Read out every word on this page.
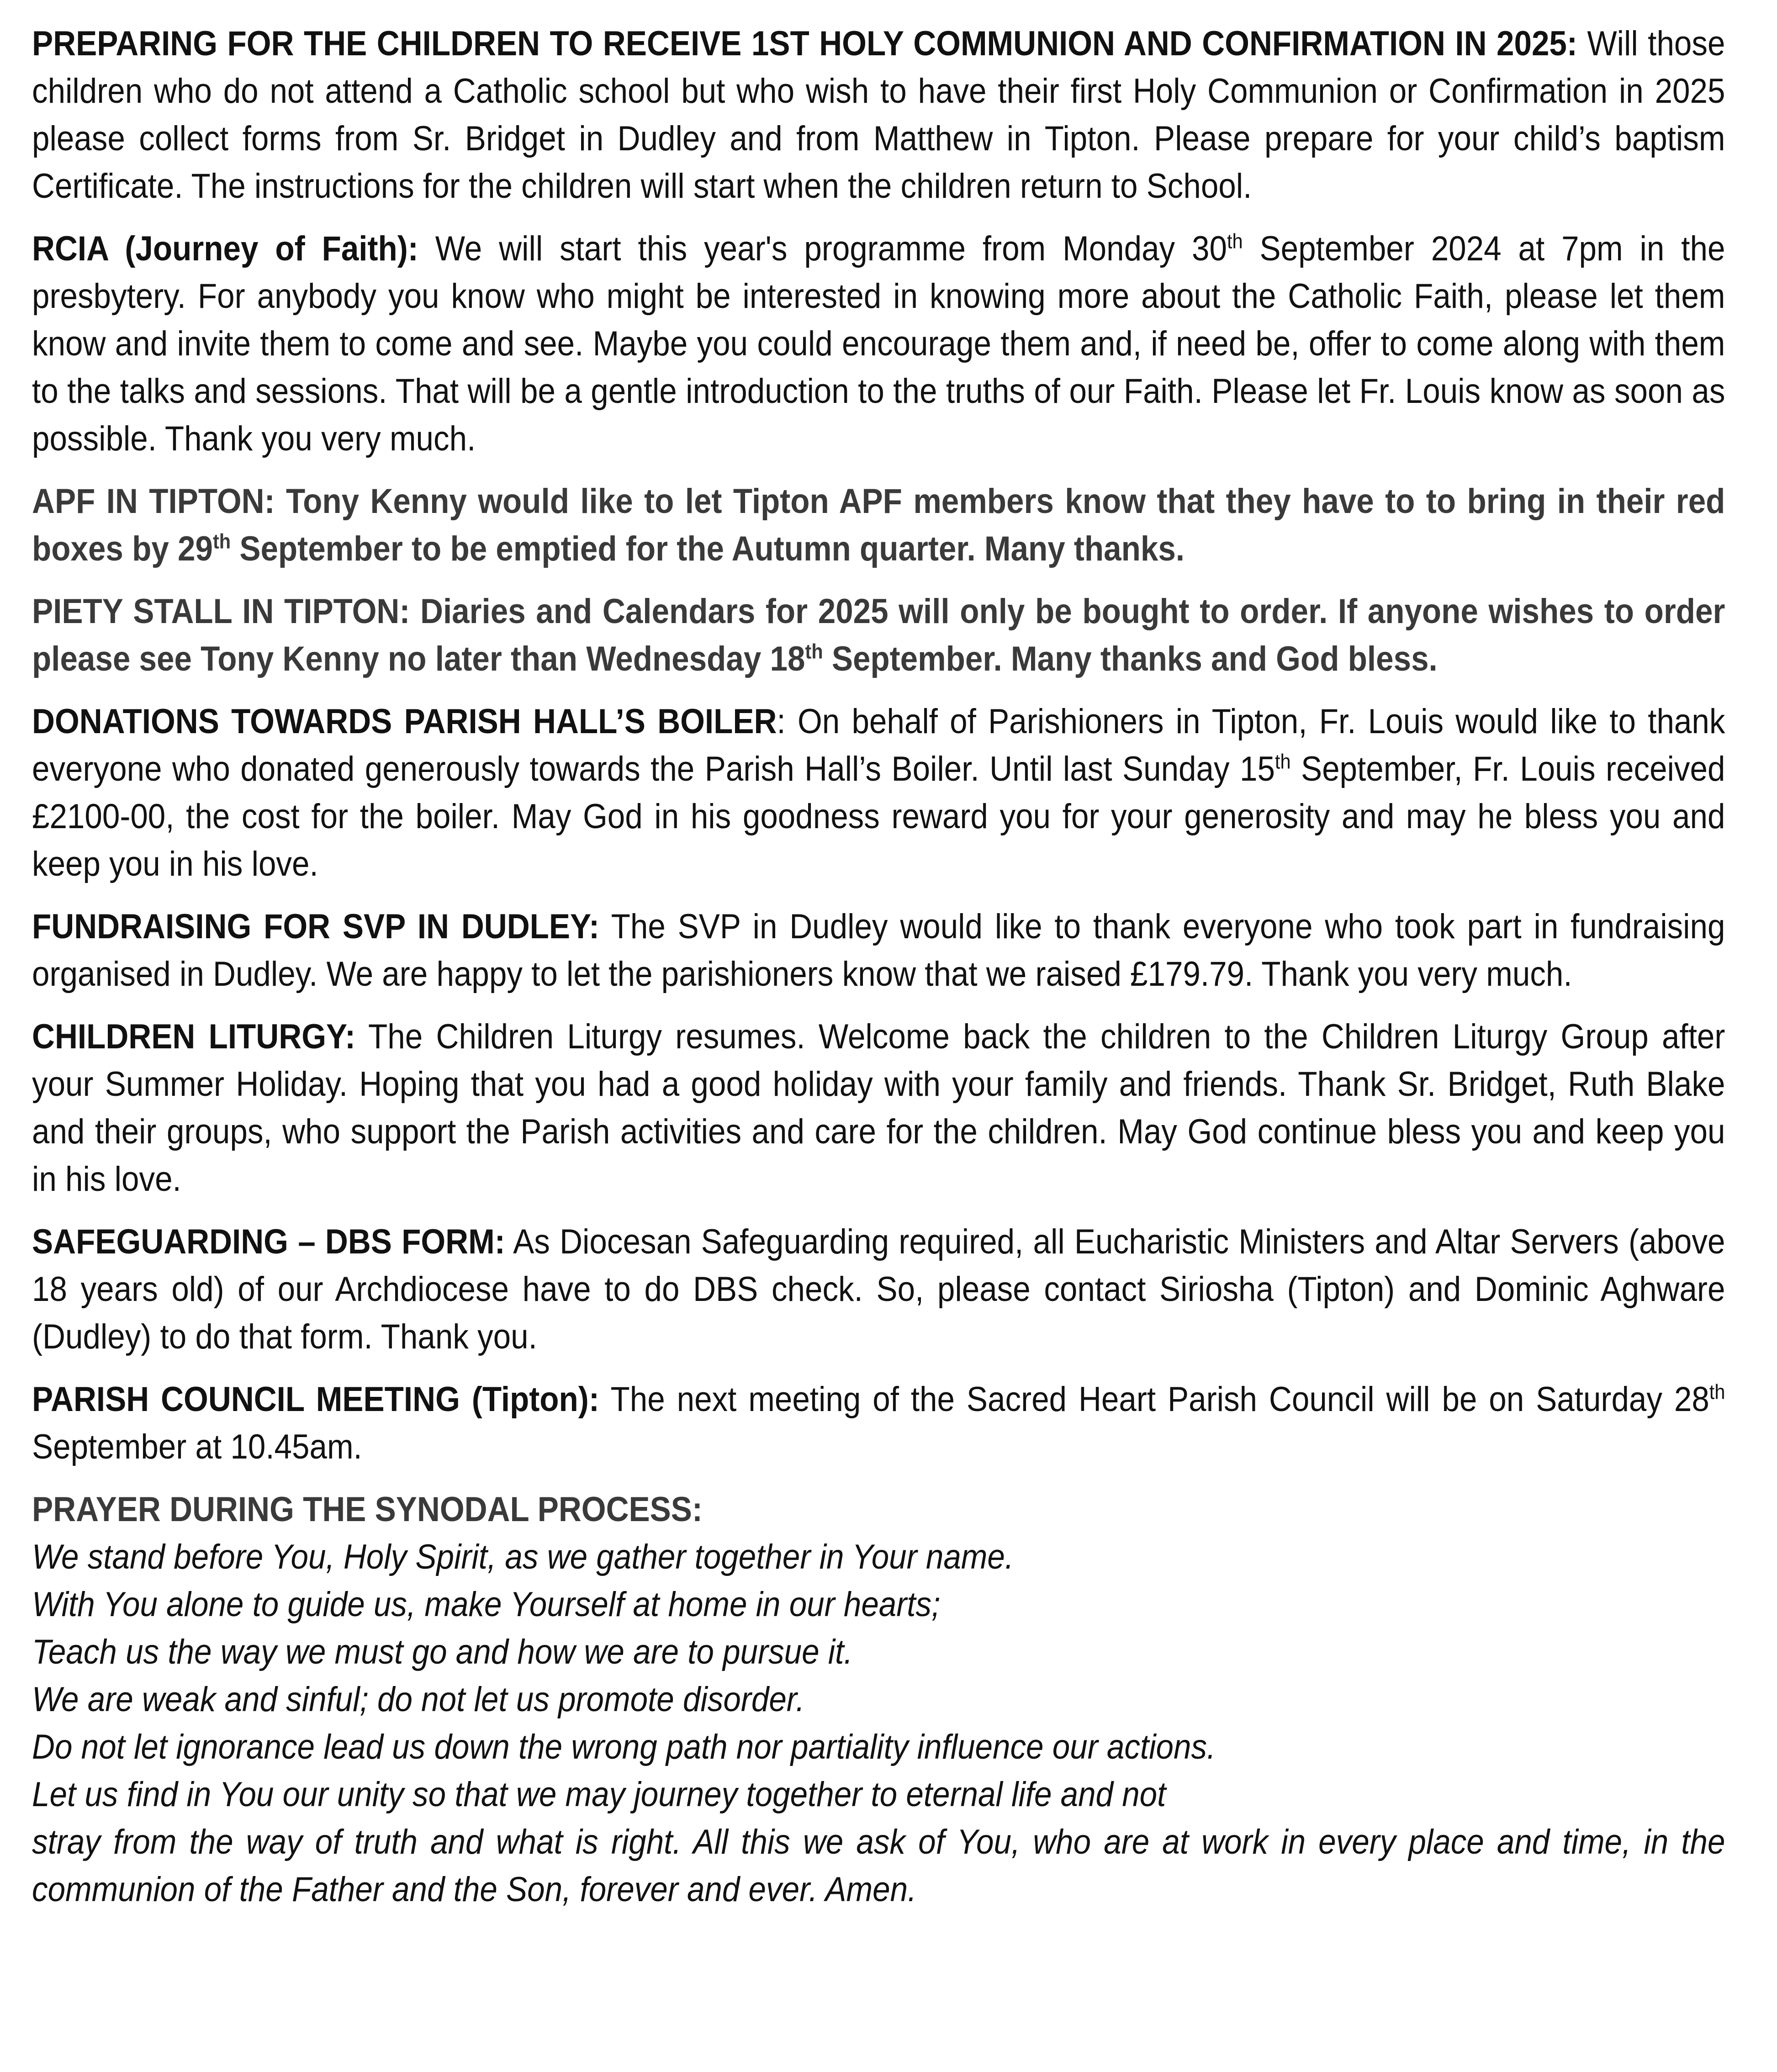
PREPARING FOR THE CHILDREN TO RECEIVE 1ST HOLY COMMUNION AND CONFIRMATION IN 2025: Will those children who do not attend a Catholic school but who wish to have their first Holy Communion or Confirmation in 2025 please collect forms from Sr. Bridget in Dudley and from Matthew in Tipton. Please prepare for your child’s baptism Certificate. The instructions for the children will start when the children return to School.

RCIA (Journey of Faith): We will start this year's programme from Monday 30th September 2024 at 7pm in the presbytery. For anybody you know who might be interested in knowing more about the Catholic Faith, please let them know and invite them to come and see. Maybe you could encourage them and, if need be, offer to come along with them to the talks and sessions. That will be a gentle introduction to the truths of our Faith. Please let Fr. Louis know as soon as possible. Thank you very much.

APF IN TIPTON: Tony Kenny would like to let Tipton APF members know that they have to to bring in their red boxes by 29th September to be emptied for the Autumn quarter. Many thanks.

PIETY STALL IN TIPTON: Diaries and Calendars for 2025 will only be bought to order. If anyone wishes to order please see Tony Kenny no later than Wednesday 18th September. Many thanks and God bless.

DONATIONS TOWARDS PARISH HALL’S BOILER: On behalf of Parishioners in Tipton, Fr. Louis would like to thank everyone who donated generously towards the Parish Hall’s Boiler. Until last Sunday 15th September, Fr. Louis received £2100-00, the cost for the boiler. May God in his goodness reward you for your generosity and may he bless you and keep you in his love.

FUNDRAISING FOR SVP IN DUDLEY: The SVP in Dudley would like to thank everyone who took part in fundraising organised in Dudley. We are happy to let the parishioners know that we raised £179.79. Thank you very much.

CHILDREN LITURGY: The Children Liturgy resumes. Welcome back the children to the Children Liturgy Group after your Summer Holiday. Hoping that you had a good holiday with your family and friends. Thank Sr. Bridget, Ruth Blake and their groups, who support the Parish activities and care for the children. May God continue bless you and keep you in his love.

SAFEGUARDING – DBS FORM: As Diocesan Safeguarding required, all Eucharistic Ministers and Altar Servers (above 18 years old) of our Archdiocese have to do DBS check. So, please contact Siriosha (Tipton) and Dominic Aghware (Dudley) to do that form. Thank you.

PARISH COUNCIL MEETING (Tipton): The next meeting of the Sacred Heart Parish Council will be on Saturday 28th September at 10.45am.

PRAYER DURING THE SYNODAL PROCESS:

We stand before You, Holy Spirit, as we gather together in Your name.

With You alone to guide us, make Yourself at home in our hearts;

Teach us the way we must go and how we are to pursue it.

We are weak and sinful; do not let us promote disorder.

Do not let ignorance lead us down the wrong path nor partiality influence our actions.

Let us find in You our unity so that we may journey together to eternal life and not

stray from the way of truth and what is right. All this we ask of You, who are at work in every place and time, in the communion of the Father and the Son, forever and ever. Amen.
